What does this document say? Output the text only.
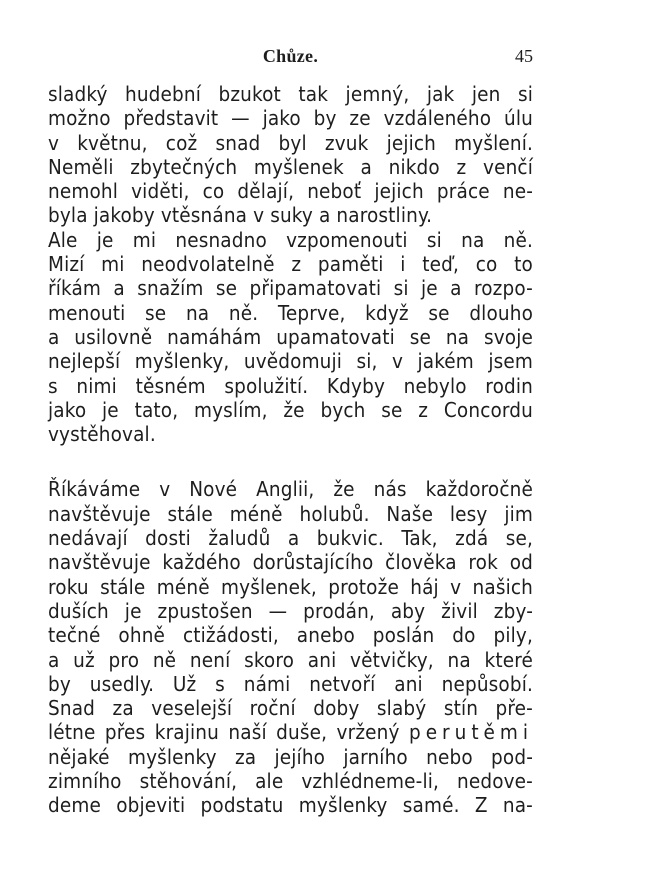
Chůze.	45
sladký hudební bzukot tak jemný, jak jen si
možno představit — jako by ze vzdáleného úlu
v květnu, což snad byl zvuk jejich myšlení.
Neměli zbytečných myšlenek a nikdo z venčí
nemohl viděti, co dělají, neboť jejich práce ne-
byla jakoby vtěsnána v suky a narostliny.
Ale je mi nesnadno vzpomenouti si na ně.
Mizí mi neodvolatelně z paměti i teď, co to
říkám a snažím se připamatovati si je a rozpo-
menouti se na ně. Teprve, když se dlouho
a usilovně namáhám upamatovati se na svoje
nejlepší myšlenky, uvědomuji si, v jakém jsem
s nimi těsném spolužití. Kdyby nebylo rodin
jako je tato, myslím, že bych se z Concordu
vystěhoval.
Říkáváme v Nové Anglii, že nás každoročně
navštěvuje stále méně holubů. Naše lesy jim
nedávají dosti žaludů a bukvic. Tak, zdá se,
navštěvuje každého dorůstajícího člověka rok od
roku stále méně myšlenek, protože háj v našich
duších je zpustošen — prodán, aby živil zby-
tečné ohně ctižádosti, anebo poslán do pily,
a už pro ně není skoro ani větvičky, na které
by usedly. Už s námi netvoří ani nepůsobí.
Snad za veselejší roční doby slabý stín pře-
létne přes krajinu naší duše, vržený perutěmi
nějaké myšlenky za jejího jarního nebo pod-
zimního stěhování, ale vzhlédneme-li, nedove-
deme objeviti podstatu myšlenky samé. Z na-
